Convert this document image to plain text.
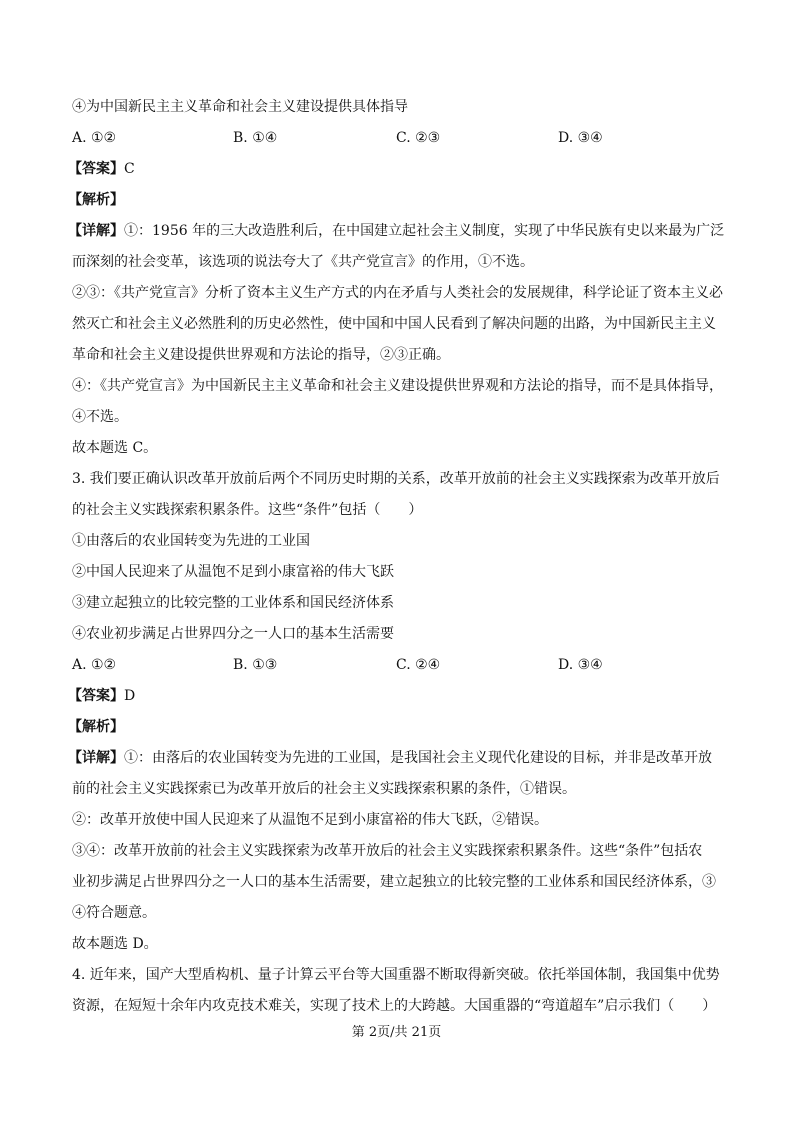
④为中国新民主主义革命和社会主义建设提供具体指导
A. ①②	B. ①④	C. ②③	D. ③④
【答案】C
【解析】
【详解】①：1956 年的三大改造胜利后，在中国建立起社会主义制度，实现了中华民族有史以来最为广泛
而深刻的社会变革，该选项的说法夸大了《共产党宣言》的作用，①不选。
②③：《共产党宣言》分析了资本主义生产方式的内在矛盾与人类社会的发展规律，科学论证了资本主义必
然灭亡和社会主义必然胜利的历史必然性，使中国和中国人民看到了解决问题的出路，为中国新民主主义
革命和社会主义建设提供世界观和方法论的指导，②③正确。
④：《共产党宣言》为中国新民主主义革命和社会主义建设提供世界观和方法论的指导，而不是具体指导，
④不选。
故本题选 C。
3. 我们要正确认识改革开放前后两个不同历史时期的关系，改革开放前的社会主义实践探索为改革开放后
的社会主义实践探索积累条件。这些“条件”包括（　　）
①由落后的农业国转变为先进的工业国
②中国人民迎来了从温饱不足到小康富裕的伟大飞跃
③建立起独立的比较完整的工业体系和国民经济体系
④农业初步满足占世界四分之一人口的基本生活需要
A. ①②	B. ①③	C. ②④	D. ③④
【答案】D
【解析】
【详解】①：由落后的农业国转变为先进的工业国，是我国社会主义现代化建设的目标，并非是改革开放
前的社会主义实践探索已为改革开放后的社会主义实践探索积累的条件，①错误。
②：改革开放使中国人民迎来了从温饱不足到小康富裕的伟大飞跃，②错误。
③④：改革开放前的社会主义实践探索为改革开放后的社会主义实践探索积累条件。这些“条件”包括农
业初步满足占世界四分之一人口的基本生活需要，建立起独立的比较完整的工业体系和国民经济体系，③
④符合题意。
故本题选 D。
4. 近年来，国产大型盾构机、量子计算云平台等大国重器不断取得新突破。依托举国体制，我国集中优势
资源，在短短十余年内攻克技术难关，实现了技术上的大跨越。大国重器的“弯道超车”启示我们（　　）
第 2页/共 21页
